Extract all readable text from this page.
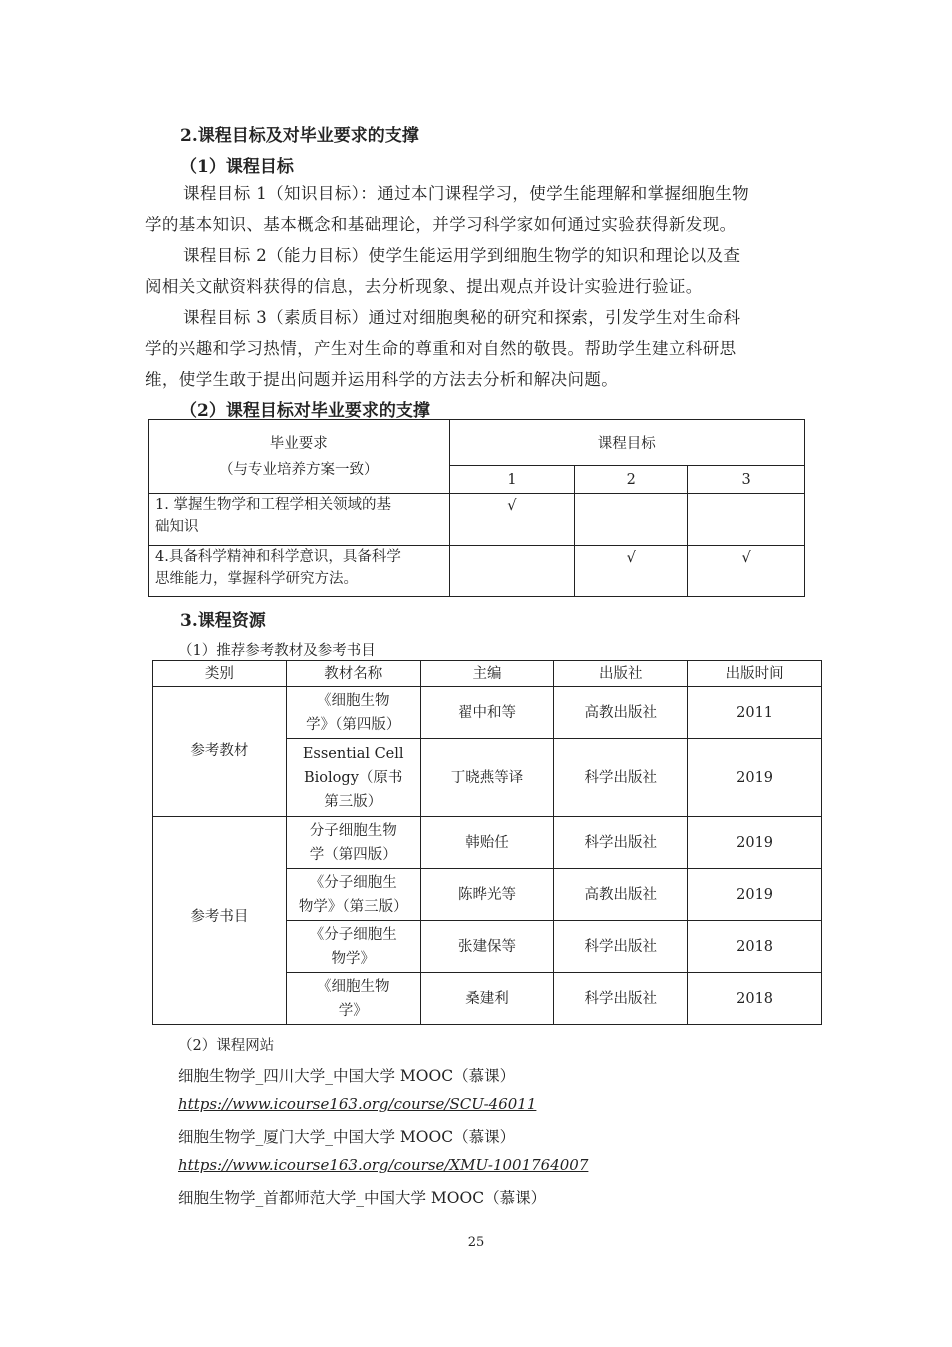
2.课程目标及对毕业要求的支撑
（1）课程目标
课程目标 1（知识目标）：通过本门课程学习，使学生能理解和掌握细胞生物
学的基本知识、基本概念和基础理论，并学习科学家如何通过实验获得新发现。
课程目标 2（能力目标）使学生能运用学到细胞生物学的知识和理论以及查
阅相关文献资料获得的信息，去分析现象、提出观点并设计实验进行验证。
课程目标 3（素质目标）通过对细胞奥秘的研究和探索，引发学生对生命科
学的兴趣和学习热情，产生对生命的尊重和对自然的敬畏。帮助学生建立科研思
维，使学生敢于提出问题并运用科学的方法去分析和解决问题。
（2）课程目标对毕业要求的支撑
毕业要求
（与专业培养方案一致）	课程目标		
	1	2	3

1. 掌握生物学和工程学相关领域的基
础知识	√		

4.具备科学精神和科学意识，具备科学
思维能力，掌握科学研究方法。		√	√
3.课程资源
（1）推荐参考教材及参考书目
类别	教材名称	主编	出版社	出版时间
参考教材	《细胞生物
学》（第四版）	翟中和等	高教出版社	2011

	Essential Cell
Biology（原书
第三版）	丁晓燕等译	科学出版社	2019
参考书目	分子细胞生物
学（第四版）	韩贻任	科学出版社	2019

	《分子细胞生
物学》（第三版）	陈晔光等	高教出版社	2019

	《分子细胞生
物学》	张建保等	科学出版社	2018

	《细胞生物
学》	桑建利	科学出版社	2018
（2）课程网站
细胞生物学_四川大学_中国大学 MOOC（慕课）
https://www.icourse163.org/course/SCU-46011
细胞生物学_厦门大学_中国大学 MOOC（慕课）
https://www.icourse163.org/course/XMU-1001764007
细胞生物学_首都师范大学_中国大学 MOOC（慕课）
25
